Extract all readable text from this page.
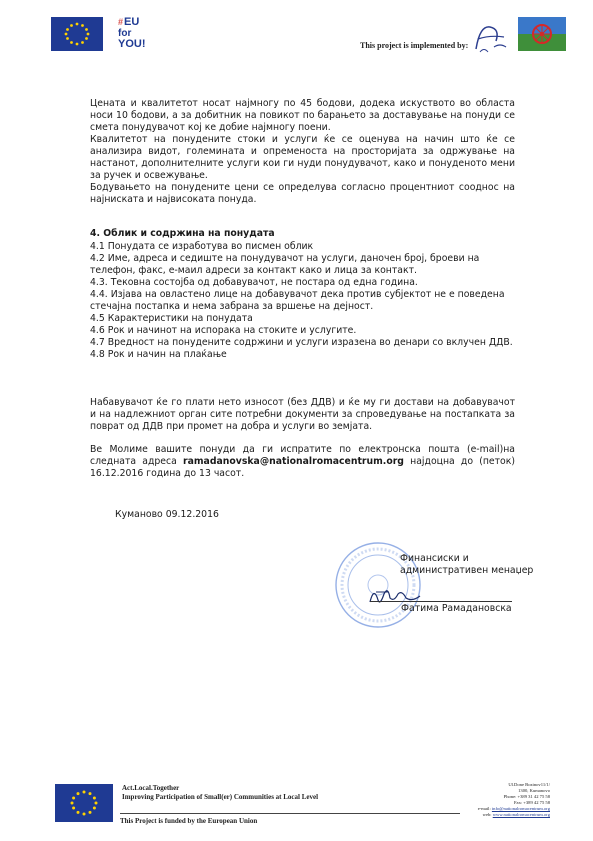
#EU
for
YOU!	This project is implemented by:

Цената и квалитетот носат најмногу по 45 бодови, додека искуството во областа носи 10 бодови, а за добитник на повикот по барањето за доставување на понуди се смета понудувачот кој ке добие најмногу поени.

Квалитетот на понудените стоки и услуги ќе се оценува на начин што ќе се анализира видот, големината и опременоста на просториjата за одржување на настанот, дополнителните услуги кои ги нуди понудувачот, како и понуденото мени за ручек и освежување.

Бодувањето на понудените цени се определува согласно процентниот сооднос на најниската и највисоката понуда.

4. Облик и содржина на понудата

4.1 Понудата се изработува во писмен облик

4.2 Име, адреса и седиште на понудувачот на услуги, даночен број, броеви на телефон, факс, е-маил адреси за контакт како и лица за контакт.

4.3. Тековна состојба од добавувачот, не постара од една година.

4.4. Изјава на овластено лице на добавувачот дека против субјектот не е поведена

стечајна постапка и нема забрана за вршење на дејност.

4.5 Карактеристики на понудата

4.6 Рок и начинот на испорака на стоките и услугите.

4.7 Вредност на понудените содржини и услуги изразена во денари со вклучен ДДВ.

4.8 Рок и начин на плаќање

Набавувачот ќе го плати нето износот (без ДДВ) и ќе му ги достави на добавувачот и на надлежниот орган сите потребни документи за спроведување на постапката за поврат од ДДВ при промет на добра и услуги во земјата.

Ве Молиме вашите понуди да ги испратите по електронска пошта (e-mail)на следната адреса ramadanovska@nationalromacentrum.org најдоцна до (петок) 16.12.2016 година до 13 часот.

Куманово 09.12.2016
Финансиски и
административен менаџер
Фатима Рамадановска
Act.Local.Together
Improving Participation of Small(er) Communities at Local Level
This Project is funded by the European Union
Ul.Done Bozinov11/1/
1300, Kumanovo
Phone: +389 31 42 75 58
Fax: +389 42 75 58
e-mail: info@nationalromacentrum.org
web: www.nationalromacentrum.org
